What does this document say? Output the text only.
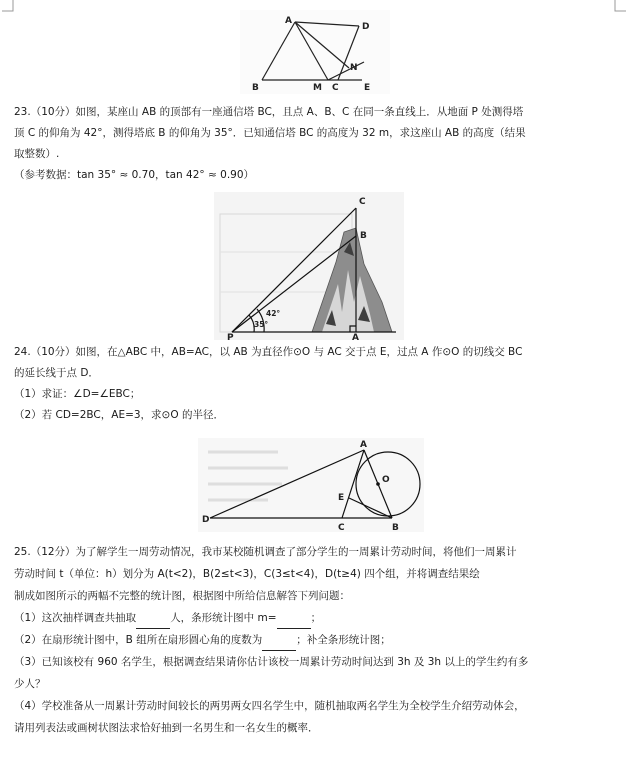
A
D
B	M C
N
E

23.（10分）如图，某座山 AB 的顶部有一座通信塔 BC，且点 A、B、C 在同一条直线上．从地面 P 处测得塔

顶 C 的仰角为 42°，测得塔底 B 的仰角为 35°．已知通信塔 BC 的高度为 32 m，求这座山 AB 的高度（结果

取整数）.

（参考数据：tan 35° ≈ 0.70，tan 42° ≈ 0.90）

C
B
P	A
35°
42°

24.（10分）如图，在△ABC 中，AB=AC，以 AB 为直径作⊙O 与 AC 交于点 E，过点 A 作⊙O 的切线交 BC

的延长线于点 D．

（1）求证：∠D=∠EBC；

（2）若 CD=2BC，AE=3，求⊙O 的半径．

A
O
E
D
C	B

25.（12分）为了解学生一周劳动情况，我市某校随机调查了部分学生的一周累计劳动时间，将他们一周累计

劳动时间 t（单位：h）划分为 A(t<2)，B(2≤t<3)，C(3≤t<4)，D(t≥4) 四个组，并将调查结果绘

制成如图所示的两幅不完整的统计图，根据图中所给信息解答下列问题：

（1）这次抽样调查共抽取	人，条形统计图中 m=	；

（2）在扇形统计图中，B 组所在扇形圆心角的度数为	；补全条形统计图；

（3）已知该校有 960 名学生，根据调查结果请你估计该校一周累计劳动时间达到 3h 及 3h 以上的学生约有多

少人？

（4）学校准备从一周累计劳动时间较长的两男两女四名学生中，随机抽取两名学生为全校学生介绍劳动体会，

请用列表法或画树状图法求恰好抽到一名男生和一名女生的概率．
